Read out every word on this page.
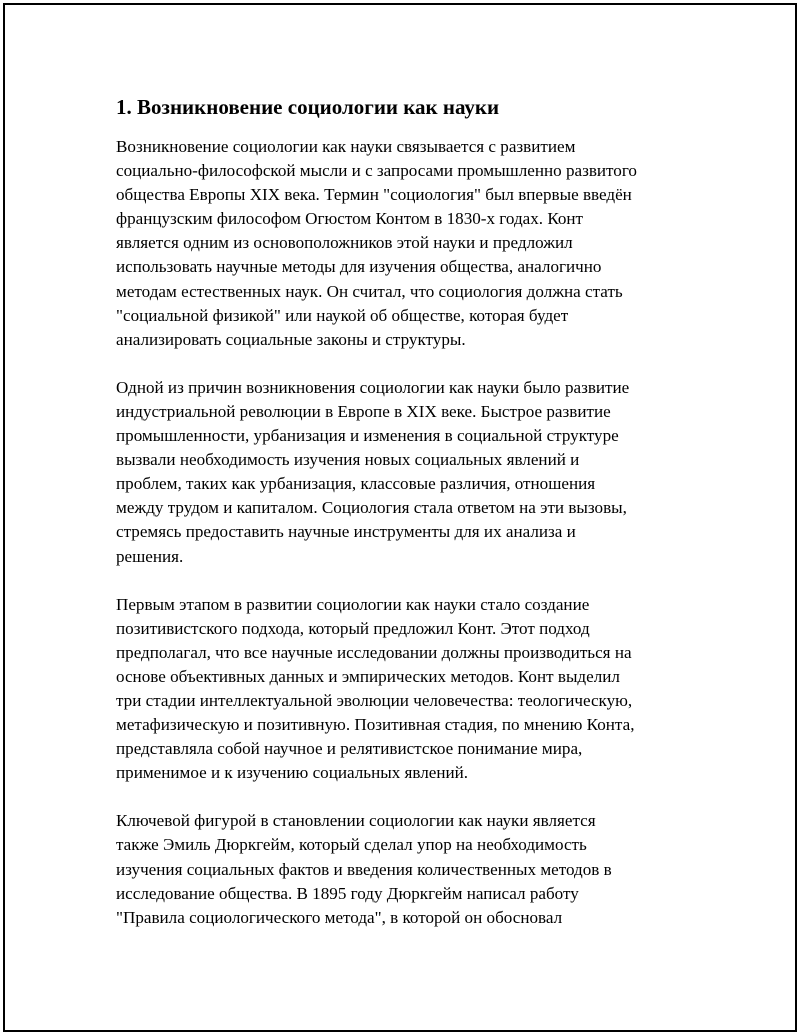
1. Возникновение социологии как науки

Возникновение социологии как науки связывается с развитием
социально-философской мысли и с запросами промышленно развитого
общества Европы XIX века. Термин "социология" был впервые введён
французским философом Огюстом Контом в 1830-х годах. Конт
является одним из основоположников этой науки и предложил
использовать научные методы для изучения общества, аналогично
методам естественных наук. Он считал, что социология должна стать
"социальной физикой" или наукой об обществе, которая будет
анализировать социальные законы и структуры.

Одной из причин возникновения социологии как науки было развитие
индустриальной революции в Европе в XIX веке. Быстрое развитие
промышленности, урбанизация и изменения в социальной структуре
вызвали необходимость изучения новых социальных явлений и
проблем, таких как урбанизация, классовые различия, отношения
между трудом и капиталом. Социология стала ответом на эти вызовы,
стремясь предоставить научные инструменты для их анализа и
решения.

Первым этапом в развитии социологии как науки стало создание
позитивистского подхода, который предложил Конт. Этот подход
предполагал, что все научные исследовании должны производиться на
основе объективных данных и эмпирических методов. Конт выделил
три стадии интеллектуальной эволюции человечества: теологическую,
метафизическую и позитивную. Позитивная стадия, по мнению Конта,
представляла собой научное и релятивистское понимание мира,
применимое и к изучению социальных явлений.

Ключевой фигурой в становлении социологии как науки является
также Эмиль Дюркгейм, который сделал упор на необходимость
изучения социальных фактов и введения количественных методов в
исследование общества. В 1895 году Дюркгейм написал работу
"Правила социологического метода", в которой он обосновал
